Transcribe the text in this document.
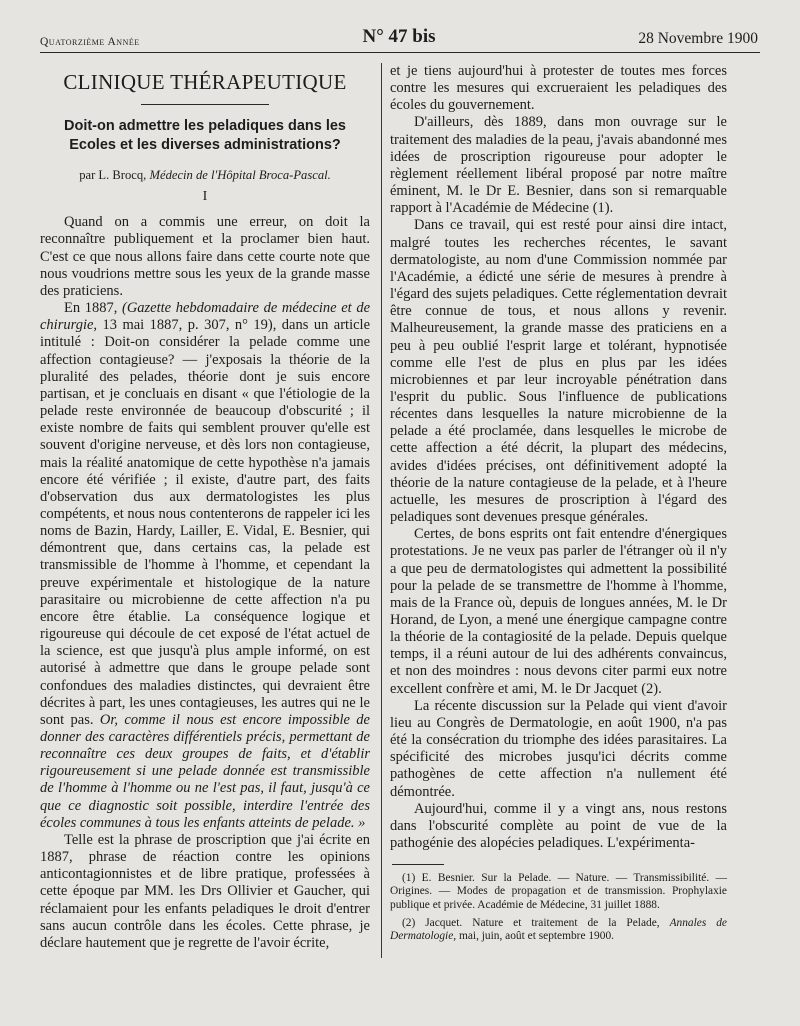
Quatorzième Année	N° 47 bis	28 Novembre 1900
CLINIQUE THÉRAPEUTIQUE
Doit-on admettre les peladiques dans les Ecoles et les diverses administrations?
par L. Brocq, Médecin de l'Hôpital Broca-Pascal.
I

Quand on a commis une erreur, on doit la reconnaître publiquement et la proclamer bien haut. C'est ce que nous allons faire dans cette courte note que nous voudrions mettre sous les yeux de la grande masse des praticiens.

En 1887, (Gazette hebdomadaire de médecine et de chirurgie, 13 mai 1887, p. 307, n° 19), dans un article intitulé : Doit-on considérer la pelade comme une affection contagieuse? — j'exposais la théorie de la pluralité des pelades, théorie dont je suis encore partisan, et je concluais en disant « que l'étiologie de la pelade reste environnée de beaucoup d'obscurité ; il existe nombre de faits qui semblent prouver qu'elle est souvent d'origine nerveuse, et dès lors non contagieuse, mais la réalité anatomique de cette hypothèse n'a jamais encore été vérifiée ; il existe, d'autre part, des faits d'observation dus aux dermatologistes les plus compétents, et nous nous contenterons de rappeler ici les noms de Bazin, Hardy, Lailler, E. Vidal, E. Besnier, qui démontrent que, dans certains cas, la pelade est transmissible de l'homme à l'homme, et cependant la preuve expérimentale et histologique de la nature parasitaire ou microbienne de cette affection n'a pu encore être établie. La conséquence logique et rigoureuse qui découle de cet exposé de l'état actuel de la science, est que jusqu'à plus ample informé, on est autorisé à admettre que dans le groupe pelade sont confondues des maladies distinctes, qui devraient être décrites à part, les unes contagieuses, les autres qui ne le sont pas. Or, comme il nous est encore impossible de donner des caractères différentiels précis, permettant de reconnaître ces deux groupes de faits, et d'établir rigoureusement si une pelade donnée est transmissible de l'homme à l'homme ou ne l'est pas, il faut, jusqu'à ce que ce diagnostic soit possible, interdire l'entrée des écoles communes à tous les enfants atteints de pelade. »

Telle est la phrase de proscription que j'ai écrite en 1887, phrase de réaction contre les opinions anticontagionnistes et de libre pratique, professées à cette époque par MM. les Drs Ollivier et Gaucher, qui réclamaient pour les enfants peladiques le droit d'entrer sans aucun contrôle dans les écoles. Cette phrase, je déclare hautement que je regrette de l'avoir écrite,

et je tiens aujourd'hui à protester de toutes mes forces contre les mesures qui excrueraient les peladiques des écoles du gouvernement.

D'ailleurs, dès 1889, dans mon ouvrage sur le traitement des maladies de la peau, j'avais abandonné mes idées de proscription rigoureuse pour adopter le règlement réellement libéral proposé par notre maître éminent, M. le Dr E. Besnier, dans son si remarquable rapport à l'Académie de Médecine (1).

Dans ce travail, qui est resté pour ainsi dire intact, malgré toutes les recherches récentes, le savant dermatologiste, au nom d'une Commission nommée par l'Académie, a édicté une série de mesures à prendre à l'égard des sujets peladiques. Cette réglementation devrait être connue de tous, et nous allons y revenir. Malheureusement, la grande masse des praticiens en a peu à peu oublié l'esprit large et tolérant, hypnotisée comme elle l'est de plus en plus par les idées microbiennes et par leur incroyable pénétration dans l'esprit du public. Sous l'influence de publications récentes dans lesquelles la nature microbienne de la pelade a été proclamée, dans lesquelles le microbe de cette affection a été décrit, la plupart des médecins, avides d'idées précises, ont définitivement adopté la théorie de la nature contagieuse de la pelade, et à l'heure actuelle, les mesures de proscription à l'égard des peladiques sont devenues presque générales.

Certes, de bons esprits ont fait entendre d'énergiques protestations. Je ne veux pas parler de l'étranger où il n'y a que peu de dermatologistes qui admettent la possibilité pour la pelade de se transmettre de l'homme à l'homme, mais de la France où, depuis de longues années, M. le Dr Horand, de Lyon, a mené une énergique campagne contre la théorie de la contagiosité de la pelade. Depuis quelque temps, il a réuni autour de lui des adhérents convaincus, et non des moindres : nous devons citer parmi eux notre excellent confrère et ami, M. le Dr Jacquet (2).

La récente discussion sur la Pelade qui vient d'avoir lieu au Congrès de Dermatologie, en août 1900, n'a pas été la consécration du triomphe des idées parasitaires. La spécificité des microbes jusqu'ici décrits comme pathogènes de cette affection n'a nullement été démontrée.

Aujourd'hui, comme il y a vingt ans, nous restons dans l'obscurité complète au point de vue de la pathogénie des alopécies peladiques. L'expérimenta-

(1) E. Besnier. Sur la Pelade. — Nature. — Transmissibilité. — Origines. — Modes de propagation et de transmission. Prophylaxie publique et privée. Académie de Médecine, 31 juillet 1888.

(2) Jacquet. Nature et traitement de la Pelade, Annales de Dermatologie, mai, juin, août et septembre 1900.
